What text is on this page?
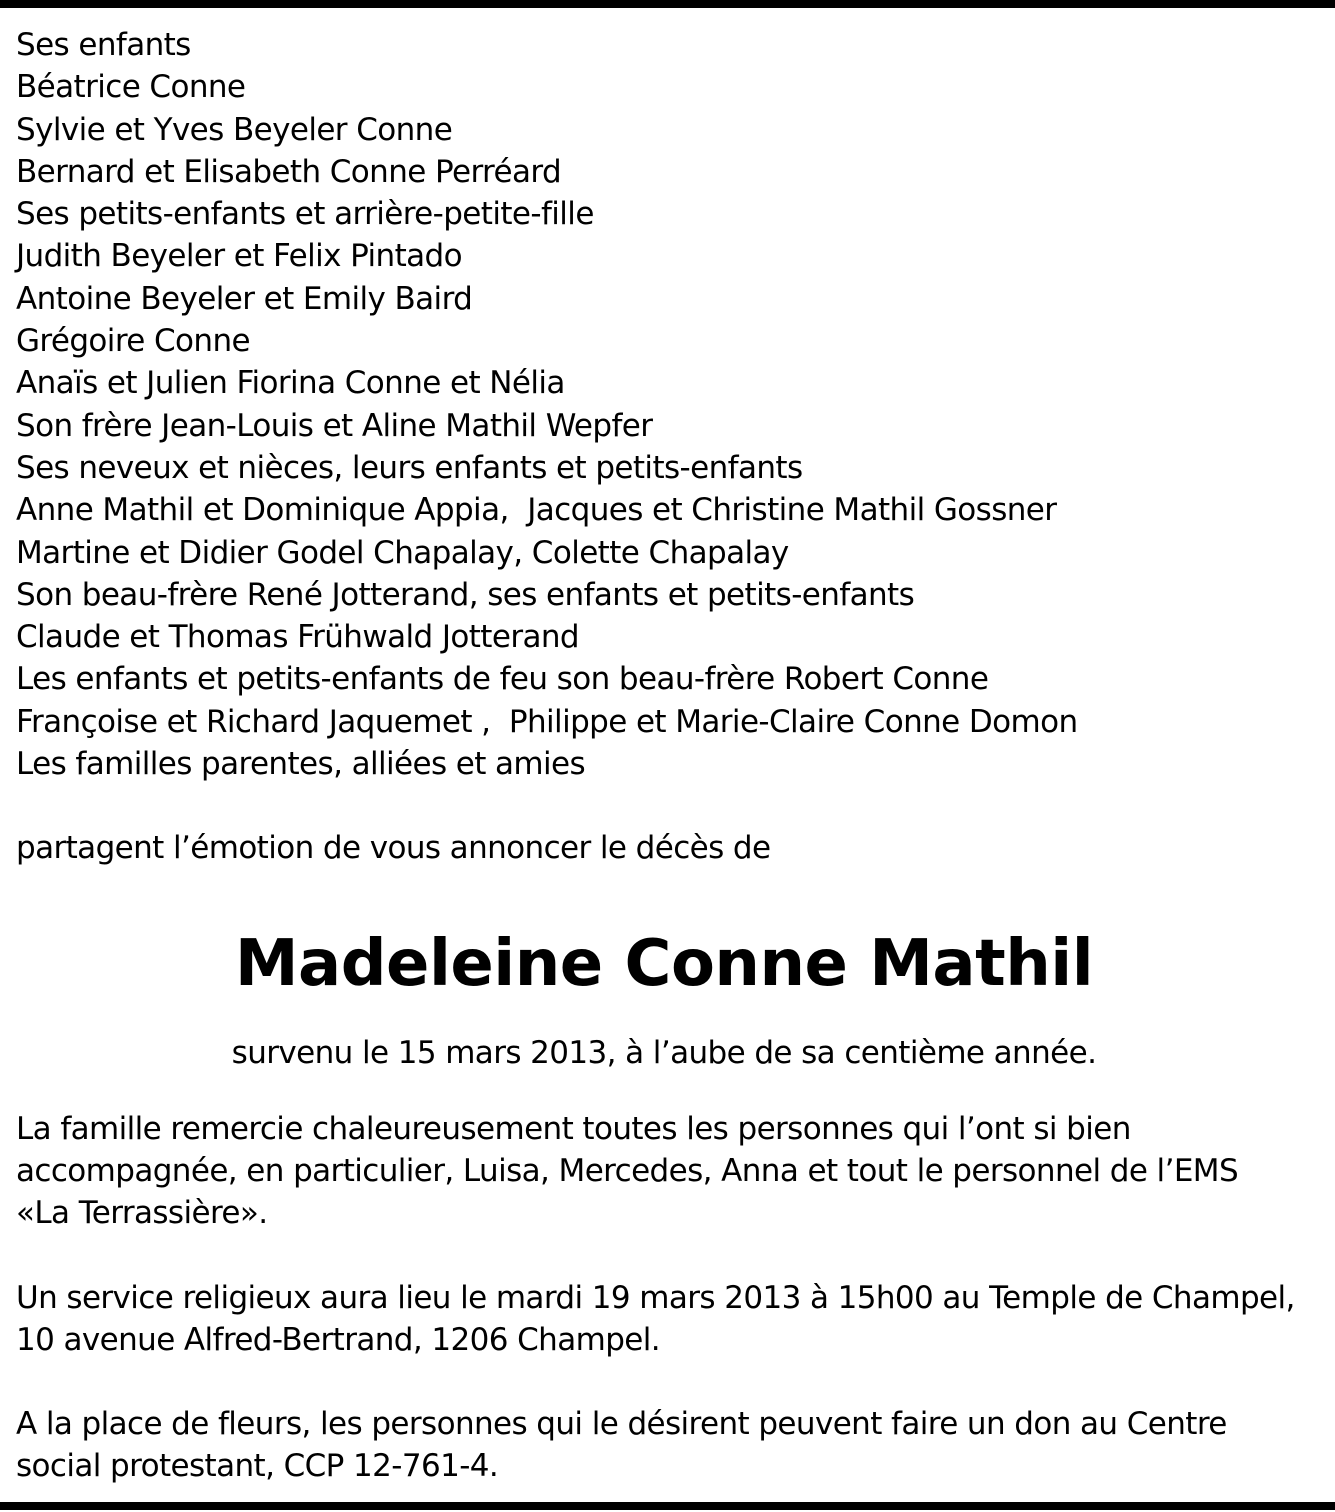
Ses enfants
Béatrice Conne
Sylvie et Yves Beyeler Conne
Bernard et Elisabeth Conne Perréard
Ses petits-enfants et arrière-petite-fille
Judith Beyeler et Felix Pintado
Antoine Beyeler et Emily Baird
Grégoire Conne
Anaïs et Julien Fiorina Conne et Nélia
Son frère Jean-Louis et Aline Mathil Wepfer
Ses neveux et nièces, leurs enfants et petits-enfants
Anne Mathil et Dominique Appia,  Jacques et Christine Mathil Gossner
Martine et Didier Godel Chapalay, Colette Chapalay
Son beau-frère René Jotterand, ses enfants et petits-enfants
Claude et Thomas Frühwald Jotterand
Les enfants et petits-enfants de feu son beau-frère Robert Conne
Françoise et Richard Jaquemet ,  Philippe et Marie-Claire Conne Domon
Les familles parentes, alliées et amies
partagent l’émotion de vous annoncer le décès de
Madeleine Conne Mathil
survenu le 15 mars 2013, à l’aube de sa centième année.

La famille remercie chaleureusement toutes les personnes qui l’ont si bien
accompagnée, en particulier, Luisa, Mercedes, Anna et tout le personnel de l’EMS
«La Terrassière».

Un service religieux aura lieu le mardi 19 mars 2013 à 15h00 au Temple de Champel,
10 avenue Alfred-Bertrand, 1206 Champel.

A la place de fleurs, les personnes qui le désirent peuvent faire un don au Centre
social protestant, CCP 12-761-4.
